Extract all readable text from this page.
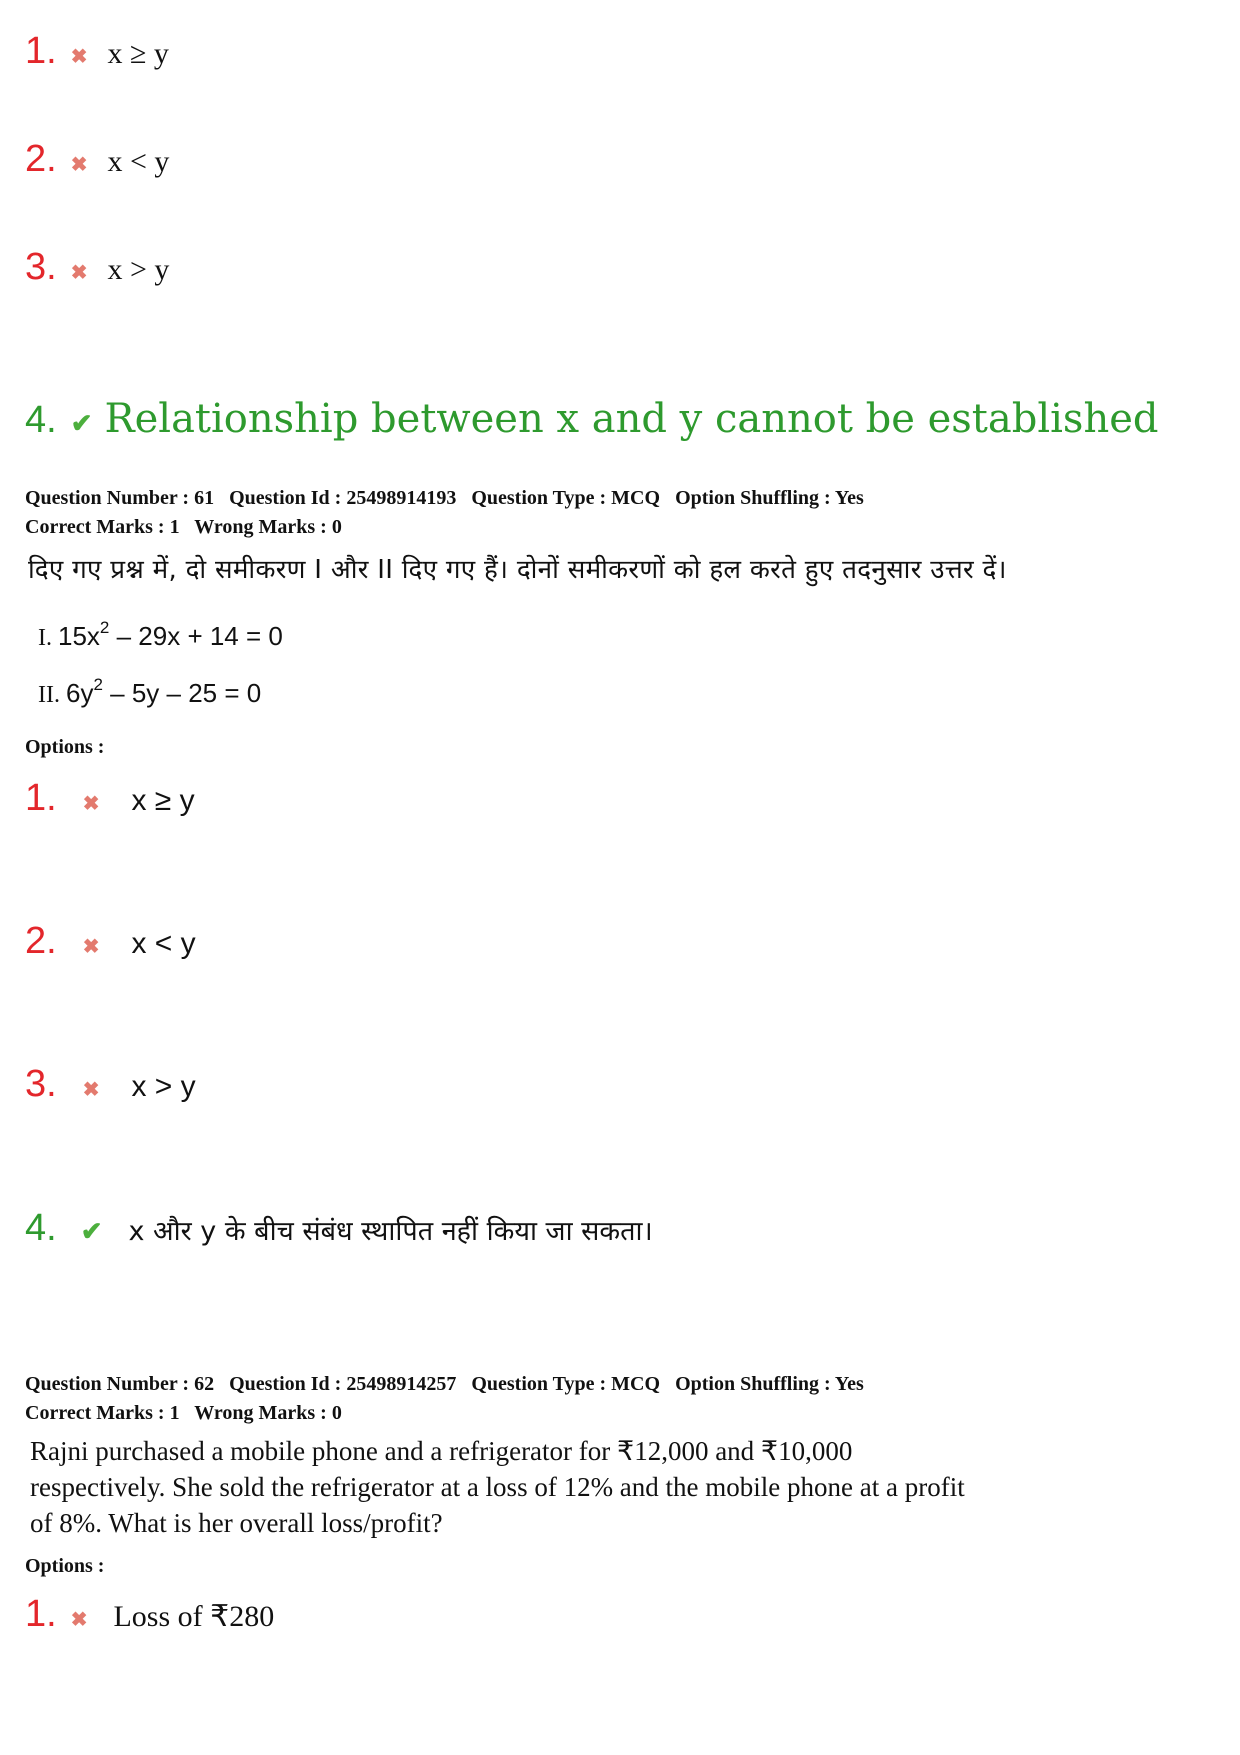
1. ✖ x ≥ y
2. ✖ x < y
3. ✖ x > y
4. ✔ Relationship between x and y cannot be established
Question Number : 61 Question Id : 25498914193 Question Type : MCQ Option Shuffling : Yes
Correct Marks : 1 Wrong Marks : 0
दिए गए प्रश्न में, दो समीकरण I और II दिए गए हैं। दोनों समीकरणों को हल करते हुए तदनुसार उत्तर दें।
I. $15x^2 - 29x + 14 = 0$
II. $6y^2 - 5y - 25 = 0$
Options :
1. ✖ x ≥ y
2. ✖ x < y
3. ✖ x > y
4. ✔ x और y के बीच संबंध स्थापित नहीं किया जा सकता।
Question Number : 62 Question Id : 25498914257 Question Type : MCQ Option Shuffling : Yes
Correct Marks : 1 Wrong Marks : 0
Rajni purchased a mobile phone and a refrigerator for ₹12,000 and ₹10,000 respectively. She sold the refrigerator at a loss of 12% and the mobile phone at a profit of 8%. What is her overall loss/profit?
Options :
1. ✖ Loss of ₹280
